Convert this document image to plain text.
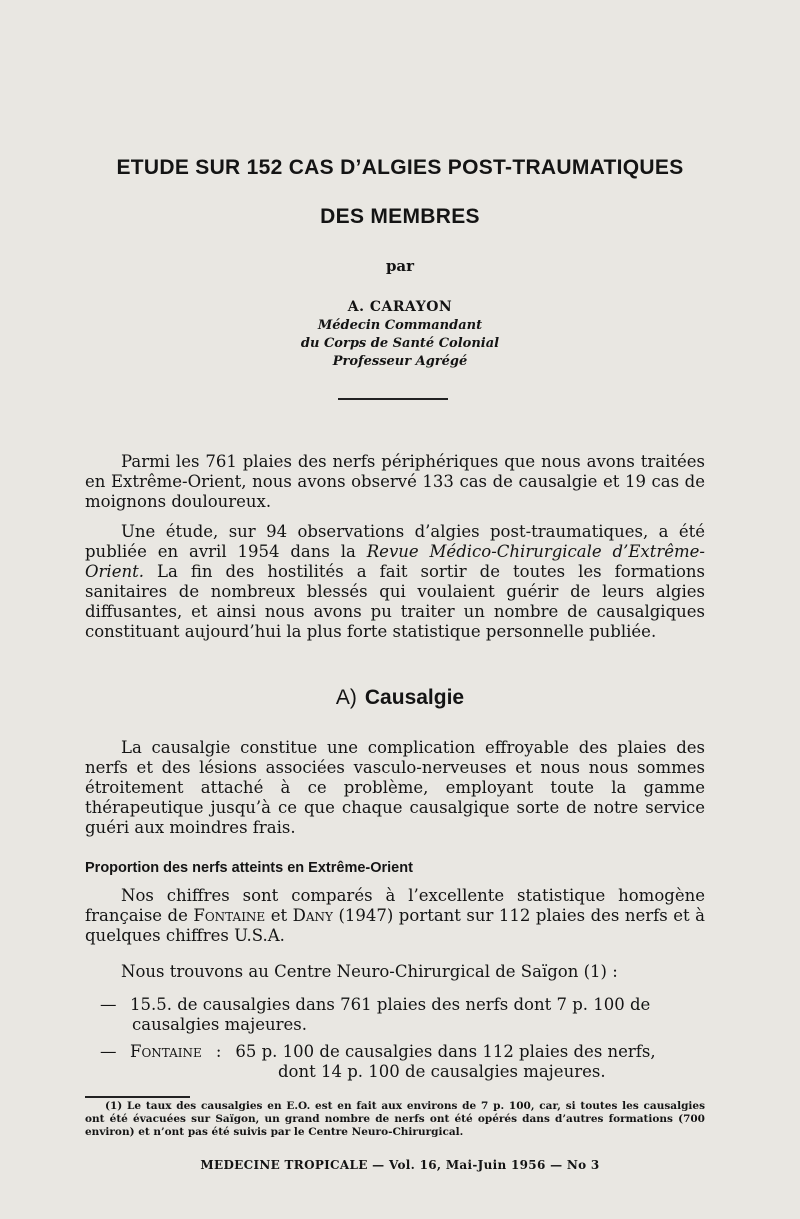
ETUDE SUR 152 CAS D’ALGIES POST-TRAUMATIQUES
DES MEMBRES
par
A. CARAYON
Médecin Commandant
du Corps de Santé Colonial
Professeur Agrégé

Parmi les 761 plaies des nerfs périphériques que nous avons traitées en Extrême-Orient, nous avons observé 133 cas de causalgie et 19 cas de moignons douloureux.

Une étude, sur 94 observations d’algies post-traumatiques, a été publiée en avril 1954 dans la Revue Médico-Chirurgicale d’Extrême-Orient. La fin des hostilités a fait sortir de toutes les formations sanitaires de nombreux blessés qui voulaient guérir de leurs algies diffusantes, et ainsi nous avons pu traiter un nombre de causalgiques constituant aujourd’hui la plus forte statistique personnelle publiée.

A) Causalgie

La causalgie constitue une complication effroyable des plaies des nerfs et des lésions associées vasculo-nerveuses et nous nous sommes étroitement attaché à ce problème, employant toute la gamme thérapeutique jusqu’à ce que chaque causalgique sorte de notre service guéri aux moindres frais.

Proportion des nerfs atteints en Extrême-Orient

Nos chiffres sont comparés à l’excellente statistique homogène française de Fontaine et Dany (1947) portant sur 112 plaies des nerfs et à quelques chiffres U.S.A.

Nous trouvons au Centre Neuro-Chirurgical de Saïgon (1) :
— 15.5. de causalgies dans 761 plaies des nerfs dont 7 p. 100 de
causalgies majeures.
— Fontaine : 65 p. 100 de causalgies dans 112 plaies des nerfs,
dont 14 p. 100 de causalgies majeures.

(1) Le taux des causalgies en E.O. est en fait aux environs de 7 p. 100, car, si toutes les causalgies ont été évacuées sur Saïgon, un grand nombre de nerfs ont été opérés dans d’autres formations (700 environ) et n’ont pas été suivis par le Centre Neuro-Chirurgical.

MEDECINE TROPICALE — Vol. 16, Mai-Juin 1956 — No 3
